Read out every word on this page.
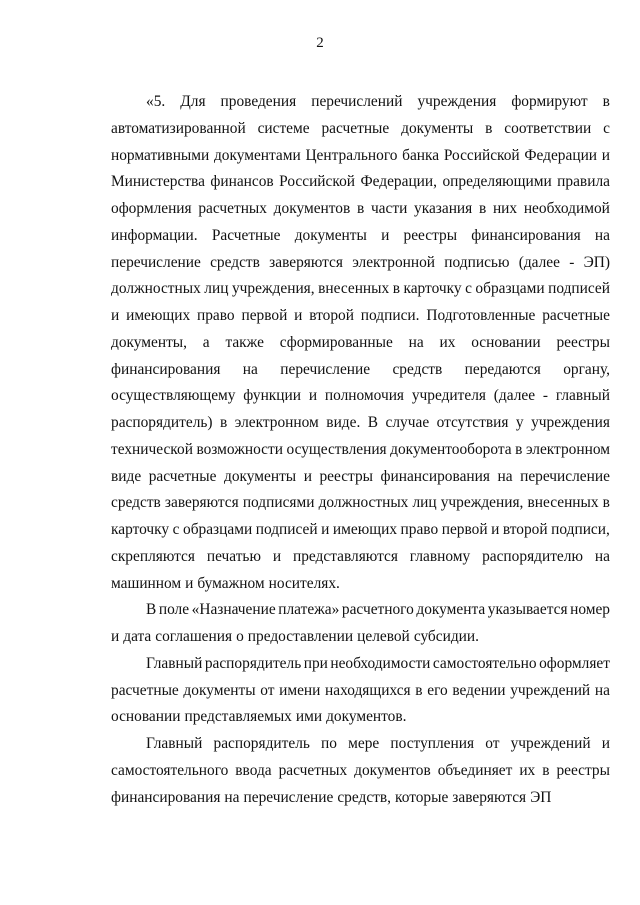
2
«5. Для проведения перечислений учреждения формируют в
автоматизированной системе расчетные документы в соответствии с
нормативными документами Центрального банка Российской Федерации и
Министерства финансов Российской Федерации, определяющими правила
оформления расчетных документов в части указания в них необходимой
информации. Расчетные документы и реестры финансирования на
перечисление средств заверяются электронной подписью (далее - ЭП)
должностных лиц учреждения, внесенных в карточку с образцами подписей
и имеющих право первой и второй подписи. Подготовленные расчетные
документы, а также сформированные на их основании реестры
финансирования на перечисление средств передаются органу,
осуществляющему функции и полномочия учредителя (далее - главный
распорядитель) в электронном виде. В случае отсутствия у учреждения
технической возможности осуществления документооборота в электронном
виде расчетные документы и реестры финансирования на перечисление
средств заверяются подписями должностных лиц учреждения, внесенных в
карточку с образцами подписей и имеющих право первой и второй подписи,
скрепляются печатью и представляются главному распорядителю на
машинном и бумажном носителях.
В поле «Назначение платежа» расчетного документа указывается номер
и дата соглашения о предоставлении целевой субсидии.
Главный распорядитель при необходимости самостоятельно оформляет
расчетные документы от имени находящихся в его ведении учреждений на
основании представляемых ими документов.
Главный распорядитель по мере поступления от учреждений и
самостоятельного ввода расчетных документов объединяет их в реестры
финансирования на перечисление средств, которые заверяются ЭП
